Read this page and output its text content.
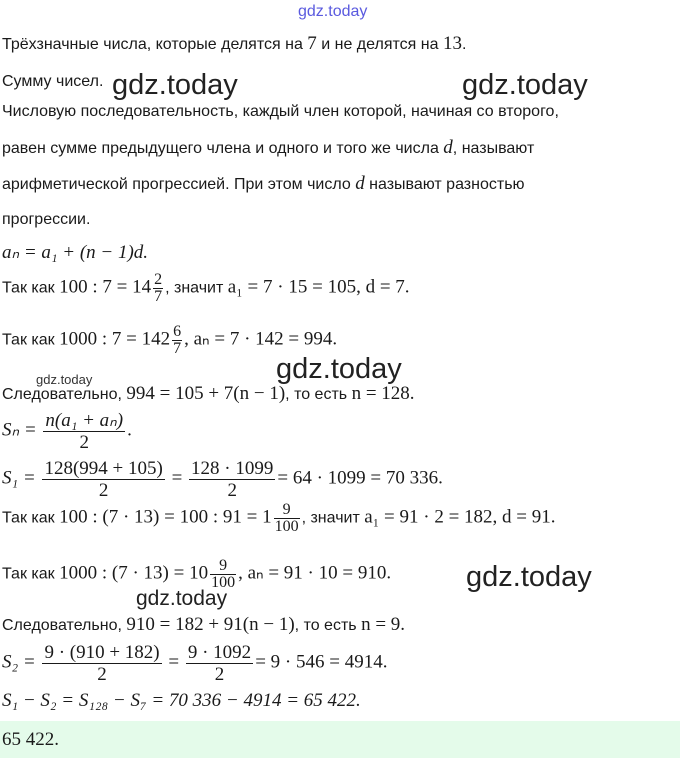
gdz.today
Трёхзначные числа, которые делятся на 7 и не делятся на 13.
Сумму чисел.
Числовую последовательность, каждый член которой, начиная со второго,
равен сумме предыдущего члена и одного и того же числа d, называют
арифметической прогрессией. При этом число d называют разностью
прогрессии.
aₙ = a₁ + (n − 1)d.
Так как 100 : $7 = 14 \frac{2}{7}$ , значит a₁ = 7 · 15 = 105, d = 7.
Так как 1000 : $7 = 142 \frac{6}{7}$ , aₙ = 7 · 142 = 994.
Следовательно, 994 = 105 + 7(n − 1), то есть n = 128.
$S_n = \frac{\text{n(a₁ + aₙ)}}{2}$ .
$S_1 = \frac{128(994 + 105)}{2} = \frac{128 \cdot 1099}{2} = 64 \cdot 1099 = 70$ 336.
Так как 100 : (7 · 13) = 100 : $91 = 1 \frac{9}{100}$ , значит a₁ = 91 · 2 = 182, d = 91.
Так как 1000 : $(7 \cdot 13) = 10 \frac{9}{100}$ , aₙ = 91 · 10 = 910.
Следовательно, 910 = 182 + 91(n − 1), то есть n = 9.
$S_2 = \frac{9 \cdot (910 + 182)}{2} = \frac{9 \cdot 1092}{2} = 9 \cdot 546 = 4914$.
S₁ − S₂ = S₁₂₈ − S₇ = 70 336 − 4914 = 65 422.
65 422.
gdz.today	gdz.today
gdz.today	gdz.today
gdz.today
gdz.today
